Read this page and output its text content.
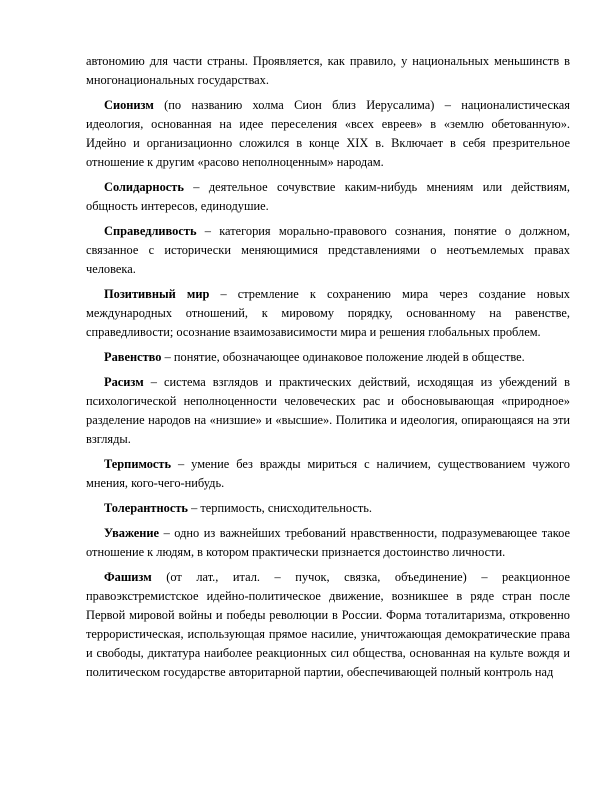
автономию для части страны. Проявляется, как правило, у национальных меньшинств в многонациональных государствах.

Сионизм (по названию холма Сион близ Иерусалима) – националистическая идеология, основанная на идее переселения «всех евреев» в «землю обетованную». Идейно и организационно сложился в конце XIX в. Включает в себя презрительное отношение к другим «расово неполноценным» народам.

Солидарность – деятельное сочувствие каким-нибудь мнениям или действиям, общность интересов, единодушие.

Справедливость – категория морально-правового сознания, понятие о должном, связанное с исторически меняющимися представлениями о неотъемлемых правах человека.

Позитивный мир – стремление к сохранению мира через создание новых международных отношений, к мировому порядку, основанному на равенстве, справедливости; осознание взаимозависимости мира и решения глобальных проблем.

Равенство – понятие, обозначающее одинаковое положение людей в обществе.

Расизм – система взглядов и практических действий, исходящая из убеждений в психологической неполноценности человеческих рас и обосновывающая «природное» разделение народов на «низшие» и «высшие». Политика и идеология, опирающаяся на эти взгляды.

Терпимость – умение без вражды мириться с наличием, существованием чужого мнения, кого-чего-нибудь.

Толерантность – терпимость, снисходительность.

Уважение – одно из важнейших требований нравственности, подразумевающее такое отношение к людям, в котором практически признается достоинство личности.

Фашизм (от лат., итал. – пучок, связка, объединение) – реакционное правоэкстремистское идейно-политическое движение, возникшее в ряде стран после Первой мировой войны и победы революции в России. Форма тоталитаризма, откровенно террористическая, использующая прямое насилие, уничтожающая демократические права и свободы, диктатура наиболее реакционных сил общества, основанная на культе вождя и политическом государстве авторитарной партии, обеспечивающей полный контроль над
